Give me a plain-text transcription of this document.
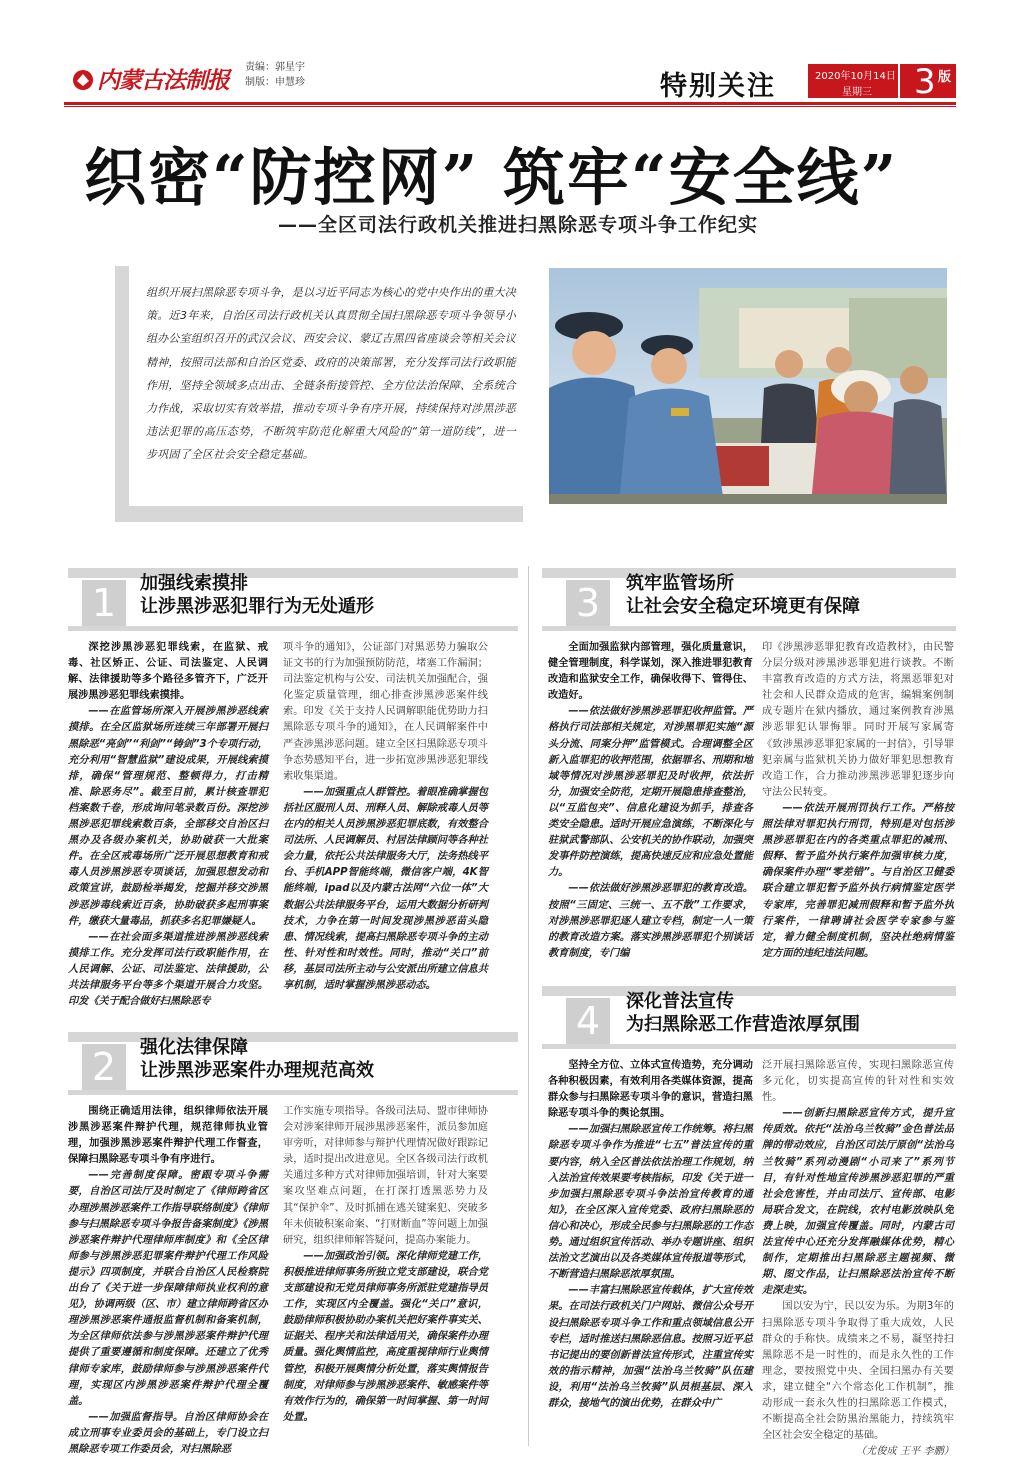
内蒙古法制报 责编：郭星宇
制版：申慧珍	特别关注	2020年10月14日
星期三 3 版
织密“防控网” 筑牢“安全线”
——全区司法行政机关推进扫黑除恶专项斗争工作纪实
组织开展扫黑除恶专项斗争，是以习近平同志为核心的党中央作出的重大决策。近3年来，自治区司法行政机关认真贯彻全国扫黑除恶专项斗争领导小组办公室组织召开的武汉会议、西安会议、蒙辽吉黑四省座谈会等相关会议精神，按照司法部和自治区党委、政府的决策部署，充分发挥司法行政职能作用，坚持全领域多点出击、全链条衔接管控、全方位法治保障、全系统合力作战，采取切实有效举措，推动专项斗争有序开展，持续保持对涉黑涉恶违法犯罪的高压态势，不断筑牢防范化解重大风险的“第一道防线”，进一步巩固了全区社会安全稳定基础。
1	加强线索摸排
让涉黑涉恶犯罪行为无处遁形

深挖涉黑涉恶犯罪线索，在监狱、戒毒、社区矫正、公证、司法鉴定、人民调解、法律援助等多个路径多管齐下，广泛开展涉黑涉恶犯罪线索摸排。

——在监管场所深入开展涉黑涉恶线索摸排。在全区监狱场所连续三年部署开展扫黑除恶“亮剑”“利剑”“铸剑”3个专项行动，充分利用“智慧监狱”建设成果，开展线索摸排，确保“管理规范、整顿得力，打击精准、除恶务尽”。截至目前，累计核查罪犯档案数千卷，形成询问笔录数百份。深挖涉黑涉恶犯罪线索数百条，全部移交自治区扫黑办及各级办案机关，协助破获一大批案件。在全区戒毒场所广泛开展思想教育和戒毒人员涉黑涉恶专项谈话，加强思想发动和政策宣讲，鼓励检举揭发，挖掘并移交涉黑涉恶涉毒线索近百条，协助破获多起刑事案件，缴获大量毒品，抓获多名犯罪嫌疑人。

——在社会面多渠道推进涉黑涉恶线索摸排工作。充分发挥司法行政职能作用，在人民调解、公证、司法鉴定、法律援助，公共法律服务平台等多个渠道开展合力攻坚。印发《关于配合做好扫黑除恶专

项斗争的通知》，公证部门对黑恶势力骗取公证文书的行为加强预防防范，堵塞工作漏洞；司法鉴定机构与公安、司法机关加强配合，强化鉴定质量管理，细心排查涉黑涉恶案件线索。印发《关于支持人民调解职能优势助力扫黑除恶专项斗争的通知》，在人民调解案件中严查涉黑涉恶问题。建立全区扫黑除恶专项斗争态势感知平台，进一步拓宽涉黑涉恶犯罪线索收集渠道。

——加强重点人群管控。着眼准确掌握包括社区服刑人员、刑释人员、解除戒毒人员等在内的相关人员涉黑涉恶犯罪底数，有效整合司法所、人民调解员、村居法律顾问等各种社会力量，依托公共法律服务大厅，法务热线平台、手机APP智能终端，微信客户端，4K智能终端，ipad以及内蒙古法网“六位一体”大数据公共法律服务平台，运用大数据分析研判技术，力争在第一时间发现涉黑涉恶苗头隐患、情况线索，提高扫黑除恶专项斗争的主动性、针对性和时效性。同时，推动“关口”前移，基层司法所主动与公安派出所建立信息共享机制，适时掌握涉黑涉恶动态。

2	强化法律保障
让涉黑涉恶案件办理规范高效

围绕正确适用法律，组织律师依法开展涉黑涉恶案件辩护代理，规范律师执业管理，加强涉黑涉恶案件辩护代理工作督查，保障扫黑除恶专项斗争有序进行。

——完善制度保障。密跟专项斗争需要，自治区司法厅及时制定了《律师跨省区办理涉黑涉恶案件工作指导联络制度》《律师参与扫黑除恶专项斗争报告备案制度》《涉黑涉恶案件辩护代理律师库制度》和《全区律师参与涉黑涉恶犯罪案件辩护代理工作风险提示》四项制度，并联合自治区人民检察院出台了《关于进一步保障律师执业权利的意见》，协调两级（区、市）建立律师跨省区办理涉黑涉恶案件通报监督机制和备案机制，为全区律师依法参与涉黑涉恶案件辩护代理提供了重要遵循和制度保障。还建立了优秀律师专家库，鼓励律师参与涉黑涉恶案件代理，实现区内涉黑涉恶案件辩护代理全覆盖。

——加强监督指导。自治区律师协会在成立刑事专业委员会的基础上，专门设立扫黑除恶专项工作委员会，对扫黑除恶

工作实施专项指导。各级司法局、盟市律师协会对涉案律师开展涉黑涉恶案件，派员参加庭审旁听，对律师参与辩护代理情况做好跟踪记录，适时提出改进意见。全区各级司法行政机关通过多种方式对律师加强培训，针对大案要案攻坚难点问题，在打深打透黑恶势力及其“保护伞”、及时抓捕在逃关键案犯、突破多年未侦破积案命案、“打财断血”等问题上加强研究，组织律师解答疑问，提高办案能力。

——加强政治引领。深化律师党建工作，积极推进律师事务所独立党支部建设，联合党支部建设和无党员律师事务所派驻党建指导员工作，实现区内全覆盖。强化“关口”意识，鼓励律师积极协助办案机关把好案件事实关、证据关、程序关和法律适用关，确保案件办理质量。强化舆情监控，高度重视律师行业舆情管控，积极开展舆情分析处置，落实舆情报告制度，对律师参与涉黑涉恶案件、敏感案件等有效作行为的，确保第一时间掌握、第一时间处置。

3	筑牢监管场所
让社会安全稳定环境更有保障

全面加强监狱内部管理，强化质量意识，健全管理制度，科学谋划，深入推进罪犯教育改造和监狱安全工作，确保收得下、管得住、改造好。

——依法做好涉黑涉恶罪犯收押监管。严格执行司法部相关规定，对涉黑罪犯实施“源头分流、同案分押”监管模式。合理调整全区新入监罪犯的收押范围，依据罪名、刑期和地域等情况对涉黑涉恶罪犯及时收押，依法折分，加强安全防范，定期开展隐患排查整治，以“互监包夹”、信息化建设为抓手，排查各类安全隐患。适时开展应急演练，不断深化与驻狱武警部队、公安机关的协作联动，加强突发事件防控演练，提高快速反应和应急处置能力。

——依法做好涉黑涉恶罪犯的教育改造。按照“三固定、三统一、五不散”工作要求，对涉黑涉恶罪犯逐人建立专档，制定一人一策的教育改造方案。落实涉黑涉恶罪犯个别谈话教育制度，专门编

印《涉黑涉恶罪犯教育改造教材》，由民警分层分级对涉黑涉恶罪犯进行谈教。不断丰富教育改造的方式方法，将黑恶罪犯对社会和人民群众造成的危害，编辑案例制成专题片在狱内播放，通过案例教育涉黑涉恶罪犯认罪悔罪。同时开展写家属寄《致涉黑涉恶罪犯家属的一封信》，引导罪犯亲属与监狱机关协力做好罪犯思想教育改造工作，合力推动涉黑涉恶罪犯逐步向守法公民转变。

——依法开展刑罚执行工作。严格按照法律对罪犯执行刑罚，特别是对包括涉黑涉恶罪犯在内的各类重点罪犯的减刑、假释、暂予监外执行案件加强审核力度，确保案件办理“零差错”。与自治区卫健委联合建立罪犯暂予监外执行病情鉴定医学专家库，完善罪犯减刑假释和暂予监外执行案件，一律聘请社会医学专家参与鉴定，着力健全制度机制，坚决杜绝病情鉴定方面的违纪违法问题。

4	深化普法宣传
为扫黑除恶工作营造浓厚氛围

坚持全方位、立体式宣传造势，充分调动各种积极因素，有效利用各类媒体资源，提高群众参与扫黑除恶专项斗争的意识，营造扫黑除恶专项斗争的舆论氛围。

——加强扫黑除恶宣传工作统筹。将扫黑除恶专项斗争作为推进“七五”普法宣传的重要内容，纳入全区普法依法治理工作规划，纳入法治宣传效果要考核指标，印发《关于进一步加强扫黑除恶专项斗争法治宣传教育的通知》，在全区深入宣传党委、政府扫黑除恶的信心和决心，形成全民参与扫黑除恶的工作态势。通过组织宣传活动、举办专题讲座、组织法治文艺演出以及各类媒体宣传报道等形式，不断营造扫黑除恶浓厚氛围。

——丰富扫黑除恶宣传载体，扩大宣传效果。在司法行政机关门户网站、微信公众号开设扫黑除恶专项斗争工作和重点领域信息公开专栏，适时推送扫黑除恶信息。按照习近平总书记提出的要创新普法宣传形式，注重宣传实效的指示精神，加强“法治乌兰牧骑”队伍建设，利用“法治乌兰牧骑”队员根基层、深入群众，接地气的演出优势，在群众中广

泛开展扫黑除恶宣传，实现扫黑除恶宣传多元化，切实提高宣传的针对性和实效性。

——创新扫黑除恶宣传方式，提升宣传质效。依托“法治乌兰牧骑”金色普法品牌的带动效应，自治区司法厅原创“法治乌兰牧骑”系列动漫剧“小司来了”系列节目，有针对性地宣传涉黑涉恶犯罪的严重社会危害性，并由司法厅、宣传部、电影局联合发文，在院线，农村电影放映队免费上映，加强宣传覆盖。同时，内蒙古司法宣传中心还充分发挥融媒体优势，精心制作，定期推出扫黑除恶主题视频、微期、图文作品，让扫黑除恶法治宣传不断走深走实。

国以安为宁，民以安为乐。为期3年的扫黑除恶专项斗争取得了重大成效，人民群众的手称快。成绩来之不易，凝坚持扫黑除恶不是一时性的，而是永久性的工作理念，要按照党中央、全国扫黑办有关要求，建立健全“六个常态化工作机制”，推动形成一套永久性的扫黑除恶工作模式，不断提高全社会防黑治黑能力，持续筑牢全区社会安全稳定的基础。

（尤俊成 王平 李鹏）
